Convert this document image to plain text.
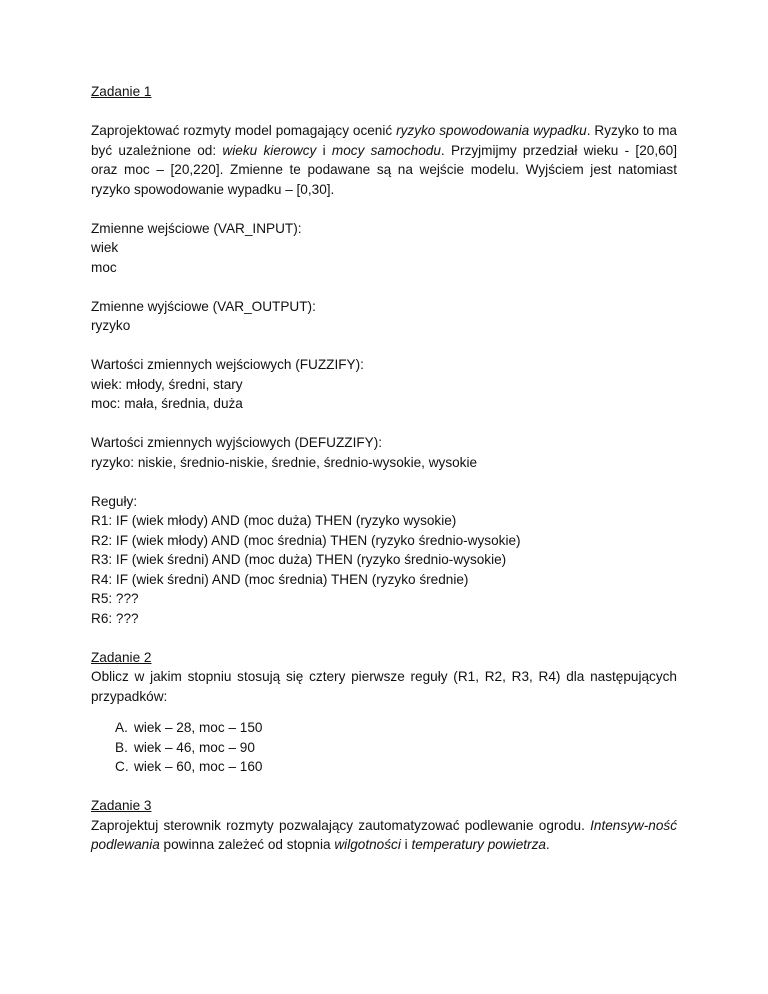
Zadanie 1

Zaprojektować rozmyty model pomagający ocenić ryzyko spowodowania wypadku. Ryzyko to ma być uzależnione od: wieku kierowcy i mocy samochodu. Przyjmijmy przedział wieku - [20,60] oraz moc – [20,220]. Zmienne te podawane są na wejście modelu. Wyjściem jest natomiast ryzyko spowodowanie wypadku – [0,30].

Zmienne wejściowe (VAR_INPUT):

wiek

moc

Zmienne wyjściowe (VAR_OUTPUT):

ryzyko

Wartości zmiennych wejściowych (FUZZIFY):

wiek: młody, średni, stary

moc: mała, średnia, duża

Wartości zmiennych wyjściowych (DEFUZZIFY):

ryzyko: niskie, średnio-niskie, średnie, średnio-wysokie, wysokie

Reguły:

R1: IF (wiek młody) AND (moc duża) THEN (ryzyko wysokie)

R2: IF (wiek młody) AND (moc średnia) THEN (ryzyko średnio-wysokie)

R3: IF (wiek średni) AND (moc duża) THEN (ryzyko średnio-wysokie)

R4: IF (wiek średni) AND (moc średnia) THEN (ryzyko średnie)

R5: ???

R6: ???

Zadanie 2

Oblicz w jakim stopniu stosują się cztery pierwsze reguły (R1, R2, R3, R4) dla następujących przypadków:

A. wiek – 28, moc – 150
B. wiek – 46, moc – 90
C. wiek – 60, moc – 160

Zadanie 3

Zaprojektuj sterownik rozmyty pozwalający zautomatyzować podlewanie ogrodu. Intensyw-ność podlewania powinna zależeć od stopnia wilgotności i temperatury powietrza.
